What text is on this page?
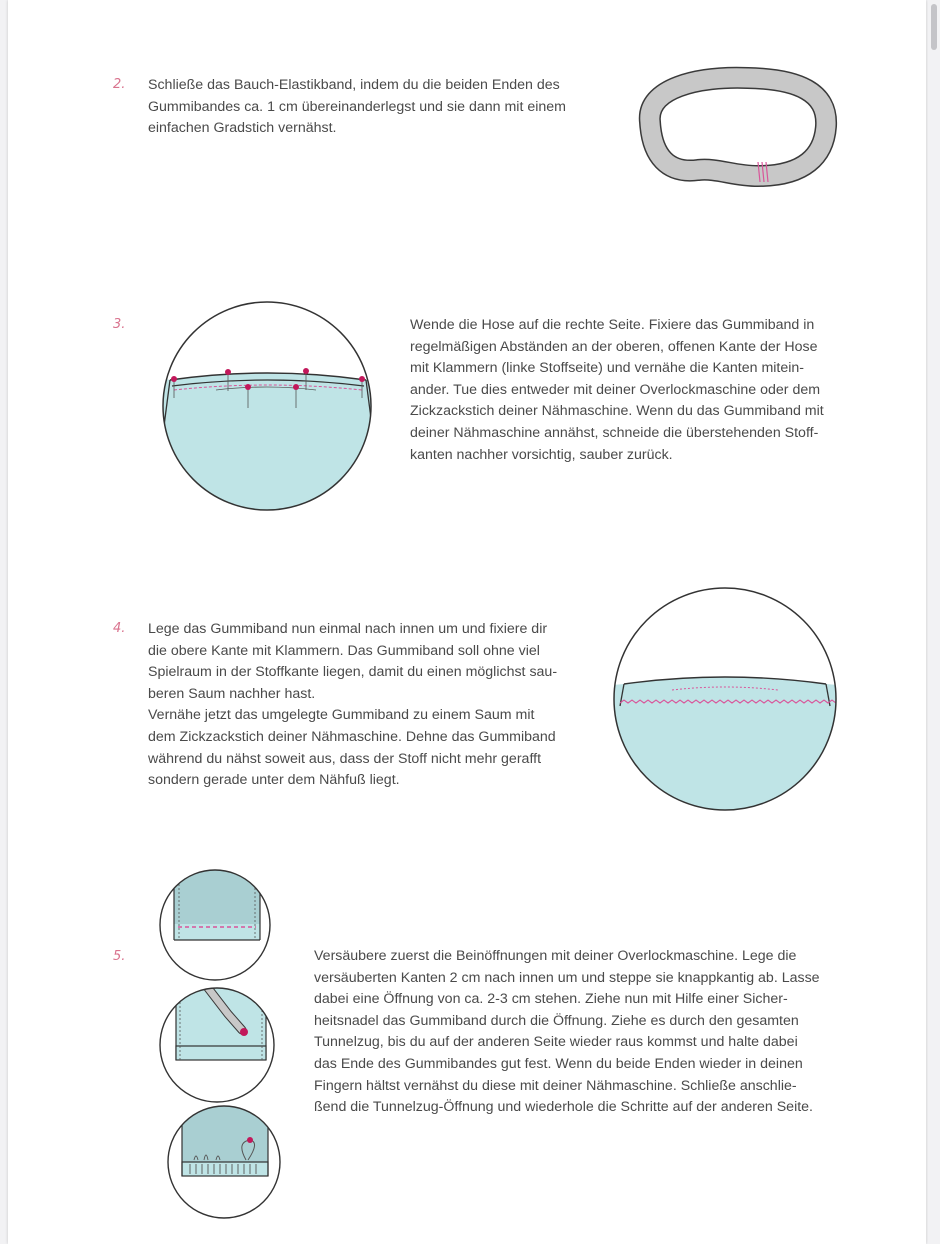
2. Schließe das Bauch-Elastikband, indem du die beiden Enden des
Gummibandes ca. 1 cm übereinanderlegst und sie dann mit einem
einfachen Gradstich vernähst.

3.	Wende die Hose auf die rechte Seite. Fixiere das Gummiband in
regelmäßigen Abständen an der oberen, offenen Kante der Hose
mit Klammern (linke Stoffseite) und vernähe die Kanten mitein-
ander. Tue dies entweder mit deiner Overlockmaschine oder dem
Zickzackstich deiner Nähmaschine. Wenn du das Gummiband mit
deiner Nähmaschine annähst, schneide die überstehenden Stoff-
kanten nachher vorsichtig, sauber zurück.

4. Lege das Gummiband nun einmal nach innen um und fixiere dir
die obere Kante mit Klammern. Das Gummiband soll ohne viel
Spielraum in der Stoffkante liegen, damit du einen möglichst sau-
beren Saum nachher hast.
Vernähe jetzt das umgelegte Gummiband zu einem Saum mit
dem Zickzackstich deiner Nähmaschine. Dehne das Gummiband
während du nähst soweit aus, dass der Stoff nicht mehr gerafft
sondern gerade unter dem Nähfuß liegt.

5.	Versäubere zuerst die Beinöffnungen mit deiner Overlockmaschine. Lege die
versäuberten Kanten 2 cm nach innen um und steppe sie knappkantig ab. Lasse
dabei eine Öffnung von ca. 2-3 cm stehen. Ziehe nun mit Hilfe einer Sicher-
heitsnadel das Gummiband durch die Öffnung. Ziehe es durch den gesamten
Tunnelzug, bis du auf der anderen Seite wieder raus kommst und halte dabei
das Ende des Gummibandes gut fest. Wenn du beide Enden wieder in deinen
Fingern hältst vernähst du diese mit deiner Nähmaschine. Schließe anschlie-
ßend die Tunnelzug-Öffnung und wiederhole die Schritte auf der anderen Seite.
